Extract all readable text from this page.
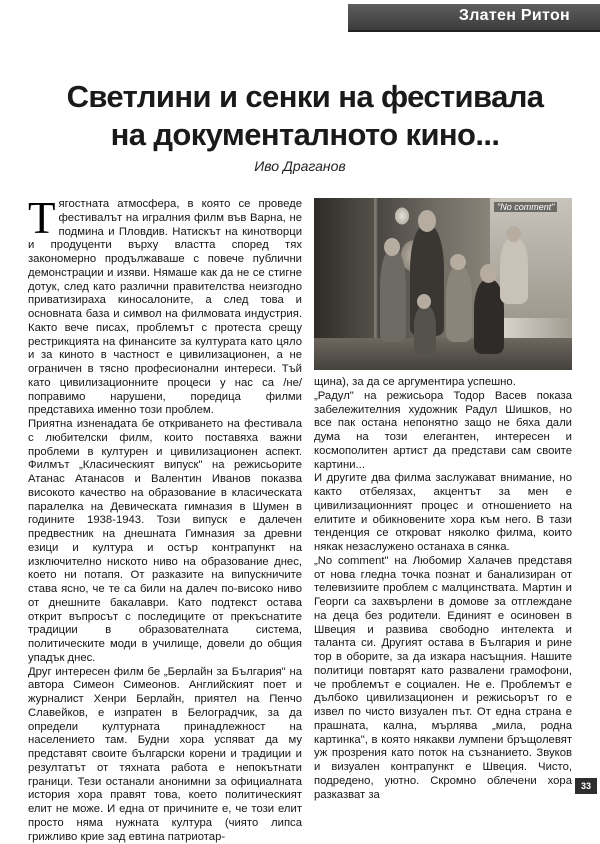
Златен Ритон
Светлини и сенки на фестивала
на документалното кино...
Иво Драганов

Тягостната атмосфера, в която се проведе фестивалът на игралния филм във Варна, не подмина и Пловдив. Натискът на кинотворци и продуценти върху властта според тях закономерно продължаваше с повече публични демонстрации и изяви. Нямаше как да не се стигне дотук, след като различни правителства неизгодно приватизираха киносалоните, а след това и основната база и символ на филмовата индустрия. Както вече писах, проблемът с протеста срещу рестрикцията на финансите за културата като цяло и за киното в частност е цивилизационен, а не ограничен в тясно професионални интереси. Тъй като цивилизационните процеси у нас са /не/поправимо нарушени, поредица филми представиха именно този проблем.

Приятна изненадата бе откриването на фестивала с любителски филм, които поставяха важни проблеми в културен и цивилизационен аспект. Филмът „Класическият випуск" на режисьорите Атанас Атанасов и Валентин Иванов показва високото качество на образование в класическата паралелка на Девическата гимназия в Шумен в годините 1938-1943. Този випуск е далечен предвестник на днешната Гимназия за древни езици и култура и остър контрапункт на изключително ниското ниво на образование днес, което ни потапя. От разказите на випускничите става ясно, че те са били на далеч по-високо ниво от днешните бакалаври. Като подтекст остава открит въпросът с последиците от прекъснатите традиции в образователната система, политическите моди в училище, довели до общия упадък днес.

Друг интересен филм бе „Берлайн за България" на автора Симеон Симеонов. Английският поет и журналист Хенри Берлайн, приятел на Пенчо Славейков, е изпратен в Белоградчик, за да определи културната принадлежност на населението там. Будни хора успяват да му представят своите български корени и традиции и резултатът от тяхната работа е непокътнати граници. Тези останали анонимни за официалната история хора правят това, което политическият елит не може. И една от причините е, че този елит просто няма нужната култура (чиято липса грижливо крие зад евтина патриотар-

"No comment"

щина), за да се аргументира успешно.

„Радул" на режисьора Тодор Васев показа забележителния художник Радул Шишков, но все пак остана непонятно защо не бяха дали дума на този елегантен, интересен и космополитен артист да представи сам своите картини...

И другите два филма заслужават внимание, но както отбелязах, акцентът за мен е цивилизационният процес и отношението на елитите и обикновените хора към него. В тази тенденция се откроват няколко филма, които някак незаслужено останаха в сянка.

„No comment" на Любомир Халачев представя от нова гледна точка познат и банализиран от телевизиите проблем с малцинствата. Мартин и Георги са захвърлени в домове за отглеждане на деца без родители. Единият е осиновен в Швеция и развива свободно интелекта и таланта си. Другият остава в България и рине тор в оборите, за да изкара насъщния. Нашите политици повтарят като развалени грамофони, че проблемът е социален. Не е. Проблемът е дълбоко цивилизационен и режисьорът го е извел по чисто визуален път. От една страна е прашната, кална, мърлява „мила, родна картинка", в която някакви лумпени бръщолевят уж прозрения като поток на съзнанието. Звуков и визуален контрапункт е Швеция. Чисто, подредено, уютно. Скромно облечени хора разказват за

33
